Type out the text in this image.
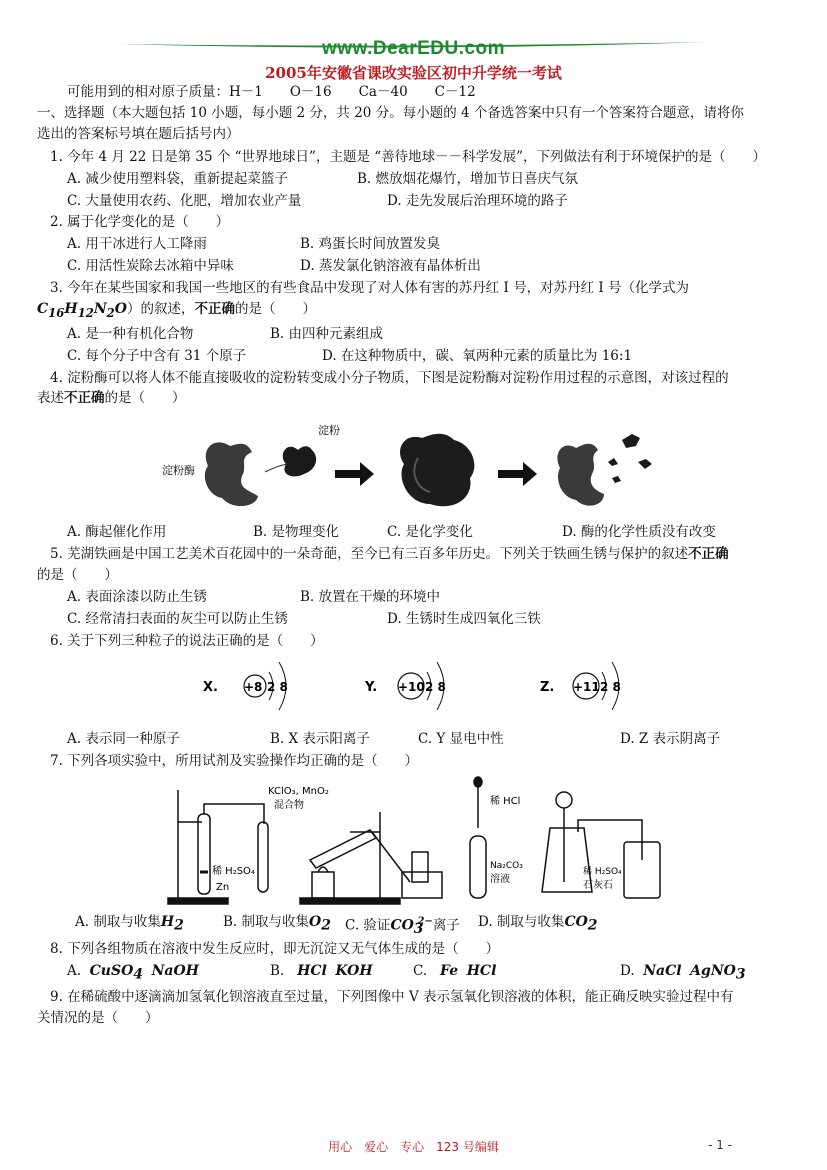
www.DearEDU.com
2005年安徽省课改实验区初中升学统一考试
可能用到的相对原子质量：H－1　　O－16　　Ca－40　　C－12
一、选择题（本大题包括 10 小题，每小题 2 分，共 20 分。每小题的 4 个备选答案中只有一个答案符合题意，请将你
选出的答案标号填在题后括号内）
1. 今年 4 月 22 日是第 35 个 “世界地球日”，主题是 “善待地球－－科学发展”，下列做法有利于环境保护的是（　　）
A. 减少使用塑料袋，重新提起菜篮子	B. 燃放烟花爆竹，增加节日喜庆气氛
C. 大量使用农药、化肥，增加农业产量	D. 走先发展后治理环境的路子
2. 属于化学变化的是（　　）
A. 用干冰进行人工降雨	B. 鸡蛋长时间放置发臭
C. 用活性炭除去冰箱中异味	D. 蒸发氯化钠溶液有晶体析出
3. 今年在某些国家和我国一些地区的有些食品中发现了对人体有害的苏丹红 I 号，对苏丹红 I 号（化学式为
$C_{16}H_{12}N_2O$）的叙述，不正确的是（　　）
A. 是一种有机化合物	B. 由四种元素组成
C. 每个分子中含有 31 个原子	D. 在这种物质中，碳、氧两种元素的质量比为 16:1
4. 淀粉酶可以将人体不能直接吸收的淀粉转变成小分子物质，下图是淀粉酶对淀粉作用过程的示意图，对该过程的
表述不正确的是（　　）
淀粉
淀粉酶
A. 酶起催化作用	B. 是物理变化	C. 是化学变化	D. 酶的化学性质没有改变
5. 芜湖铁画是中国工艺美术百花园中的一朵奇葩，至今已有三百多年历史。下列关于铁画生锈与保护的叙述不正确
的是（　　）
A. 表面涂漆以防止生锈	B. 放置在干燥的环境中
C. 经常清扫表面的灰尘可以防止生锈	D. 生锈时生成四氧化三铁
6. 关于下列三种粒子的说法正确的是（　　）
X. +8 2 8	Y. +10 2 8	Z. +11 2 8
A. 表示同一种原子	B. X 表示阳离子	C. Y 显电中性	D. Z 表示阴离子
7. 下列各项实验中，所用试剂及实验操作均正确的是（　　）
稀 H₂SO₄
Zn
KClO₃, MnO₂
混合物	稀 HCl
Na₂CO₃
溶液
稀 H₂SO₄
石灰石
A. 制取与收集$H_2$	B. 制取与收集$O_2$ C. 验证$CO_3^{2-}$离子 D. 制取与收集$CO_2$
8. 下列各组物质在溶液中发生反应时，即无沉淀又无气体生成的是（　　）
A. CuSO$_4$ NaOH	B. HCl KOH	C. Fe HCl	D. NaCl AgNO$_3$
9. 在稀硫酸中逐滴滴加氢氧化钡溶液直至过量，下列图像中 V 表示氢氧化钡溶液的体积，能正确反映实验过程中有
关情况的是（　　）
用心　爱心　专心　123 号编辑	- 1 -
